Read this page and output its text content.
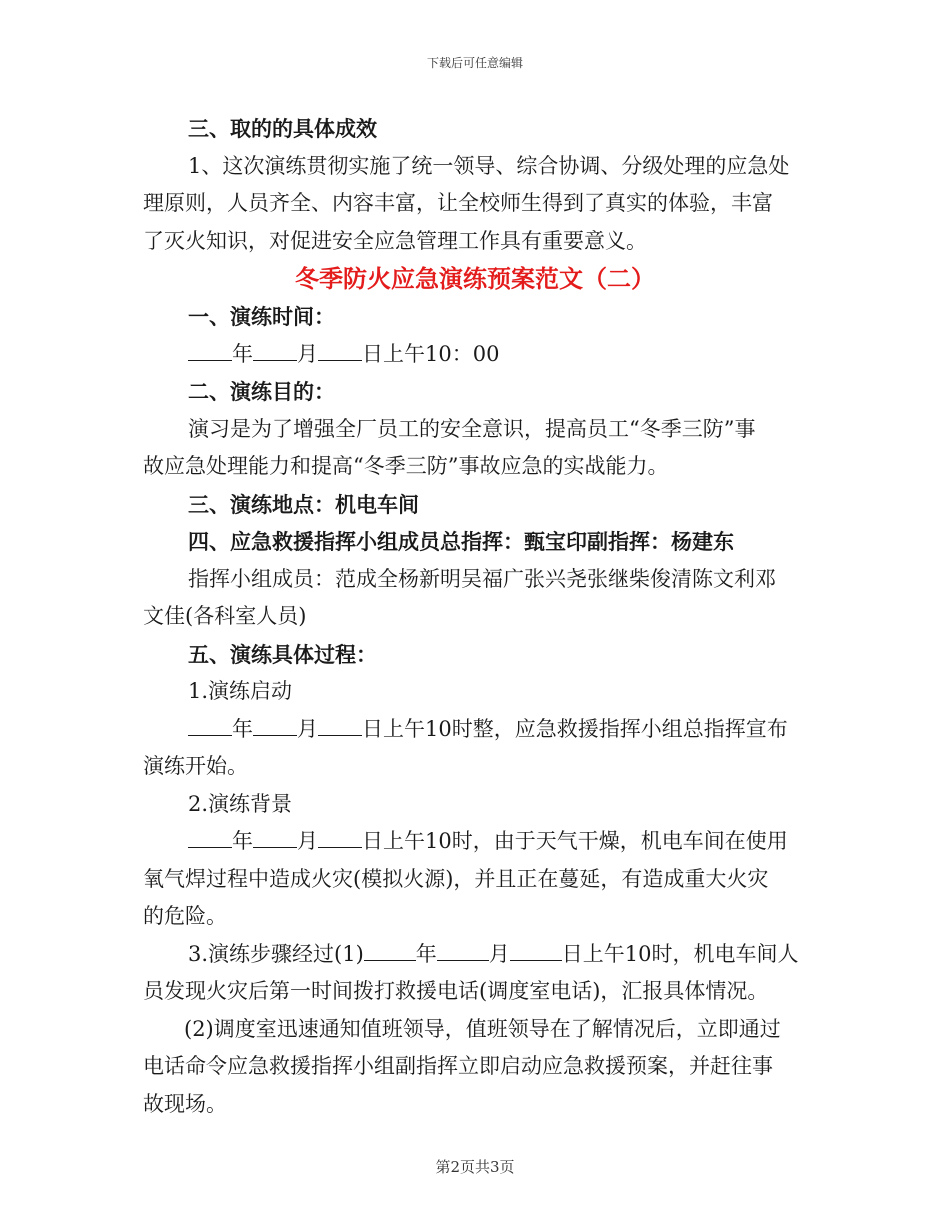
下载后可任意编辑

三、取的的具体成效

1、这次演练贯彻实施了统一领导、综合协调、分级处理的应急处

理原则，人员齐全、内容丰富，让全校师生得到了真实的体验，丰富

了灭火知识，对促进安全应急管理工作具有重要意义。

冬季防火应急演练预案范文（二）

一、演练时间：

年 月 日上午10：00

二、演练目的：

演习是为了增强全厂员工的安全意识，提高员工“冬季三防”事

故应急处理能力和提高“冬季三防”事故应急的实战能力。

三、演练地点：机电车间

四、应急救援指挥小组成员总指挥：甄宝印副指挥：杨建东

指挥小组成员：范成全杨新明吴福广张兴尧张继柴俊清陈文利邓

文佳(各科室人员)

五、演练具体过程：

1.演练启动

年 月 日上午10时整，应急救援指挥小组总指挥宣布

演练开始。

2.演练背景

年 月 日上午10时，由于天气干燥，机电车间在使用

氧气焊过程中造成火灾(模拟火源)，并且正在蔓延，有造成重大火灾

的危险。

3.演练步骤经过(1) 年 月 日上午10时，机电车间人

员发现火灾后第一时间拨打救援电话(调度室电话)，汇报具体情况。

(2)调度室迅速通知值班领导，值班领导在了解情况后，立即通过

电话命令应急救援指挥小组副指挥立即启动应急救援预案，并赶往事

故现场。

第2页共3页
